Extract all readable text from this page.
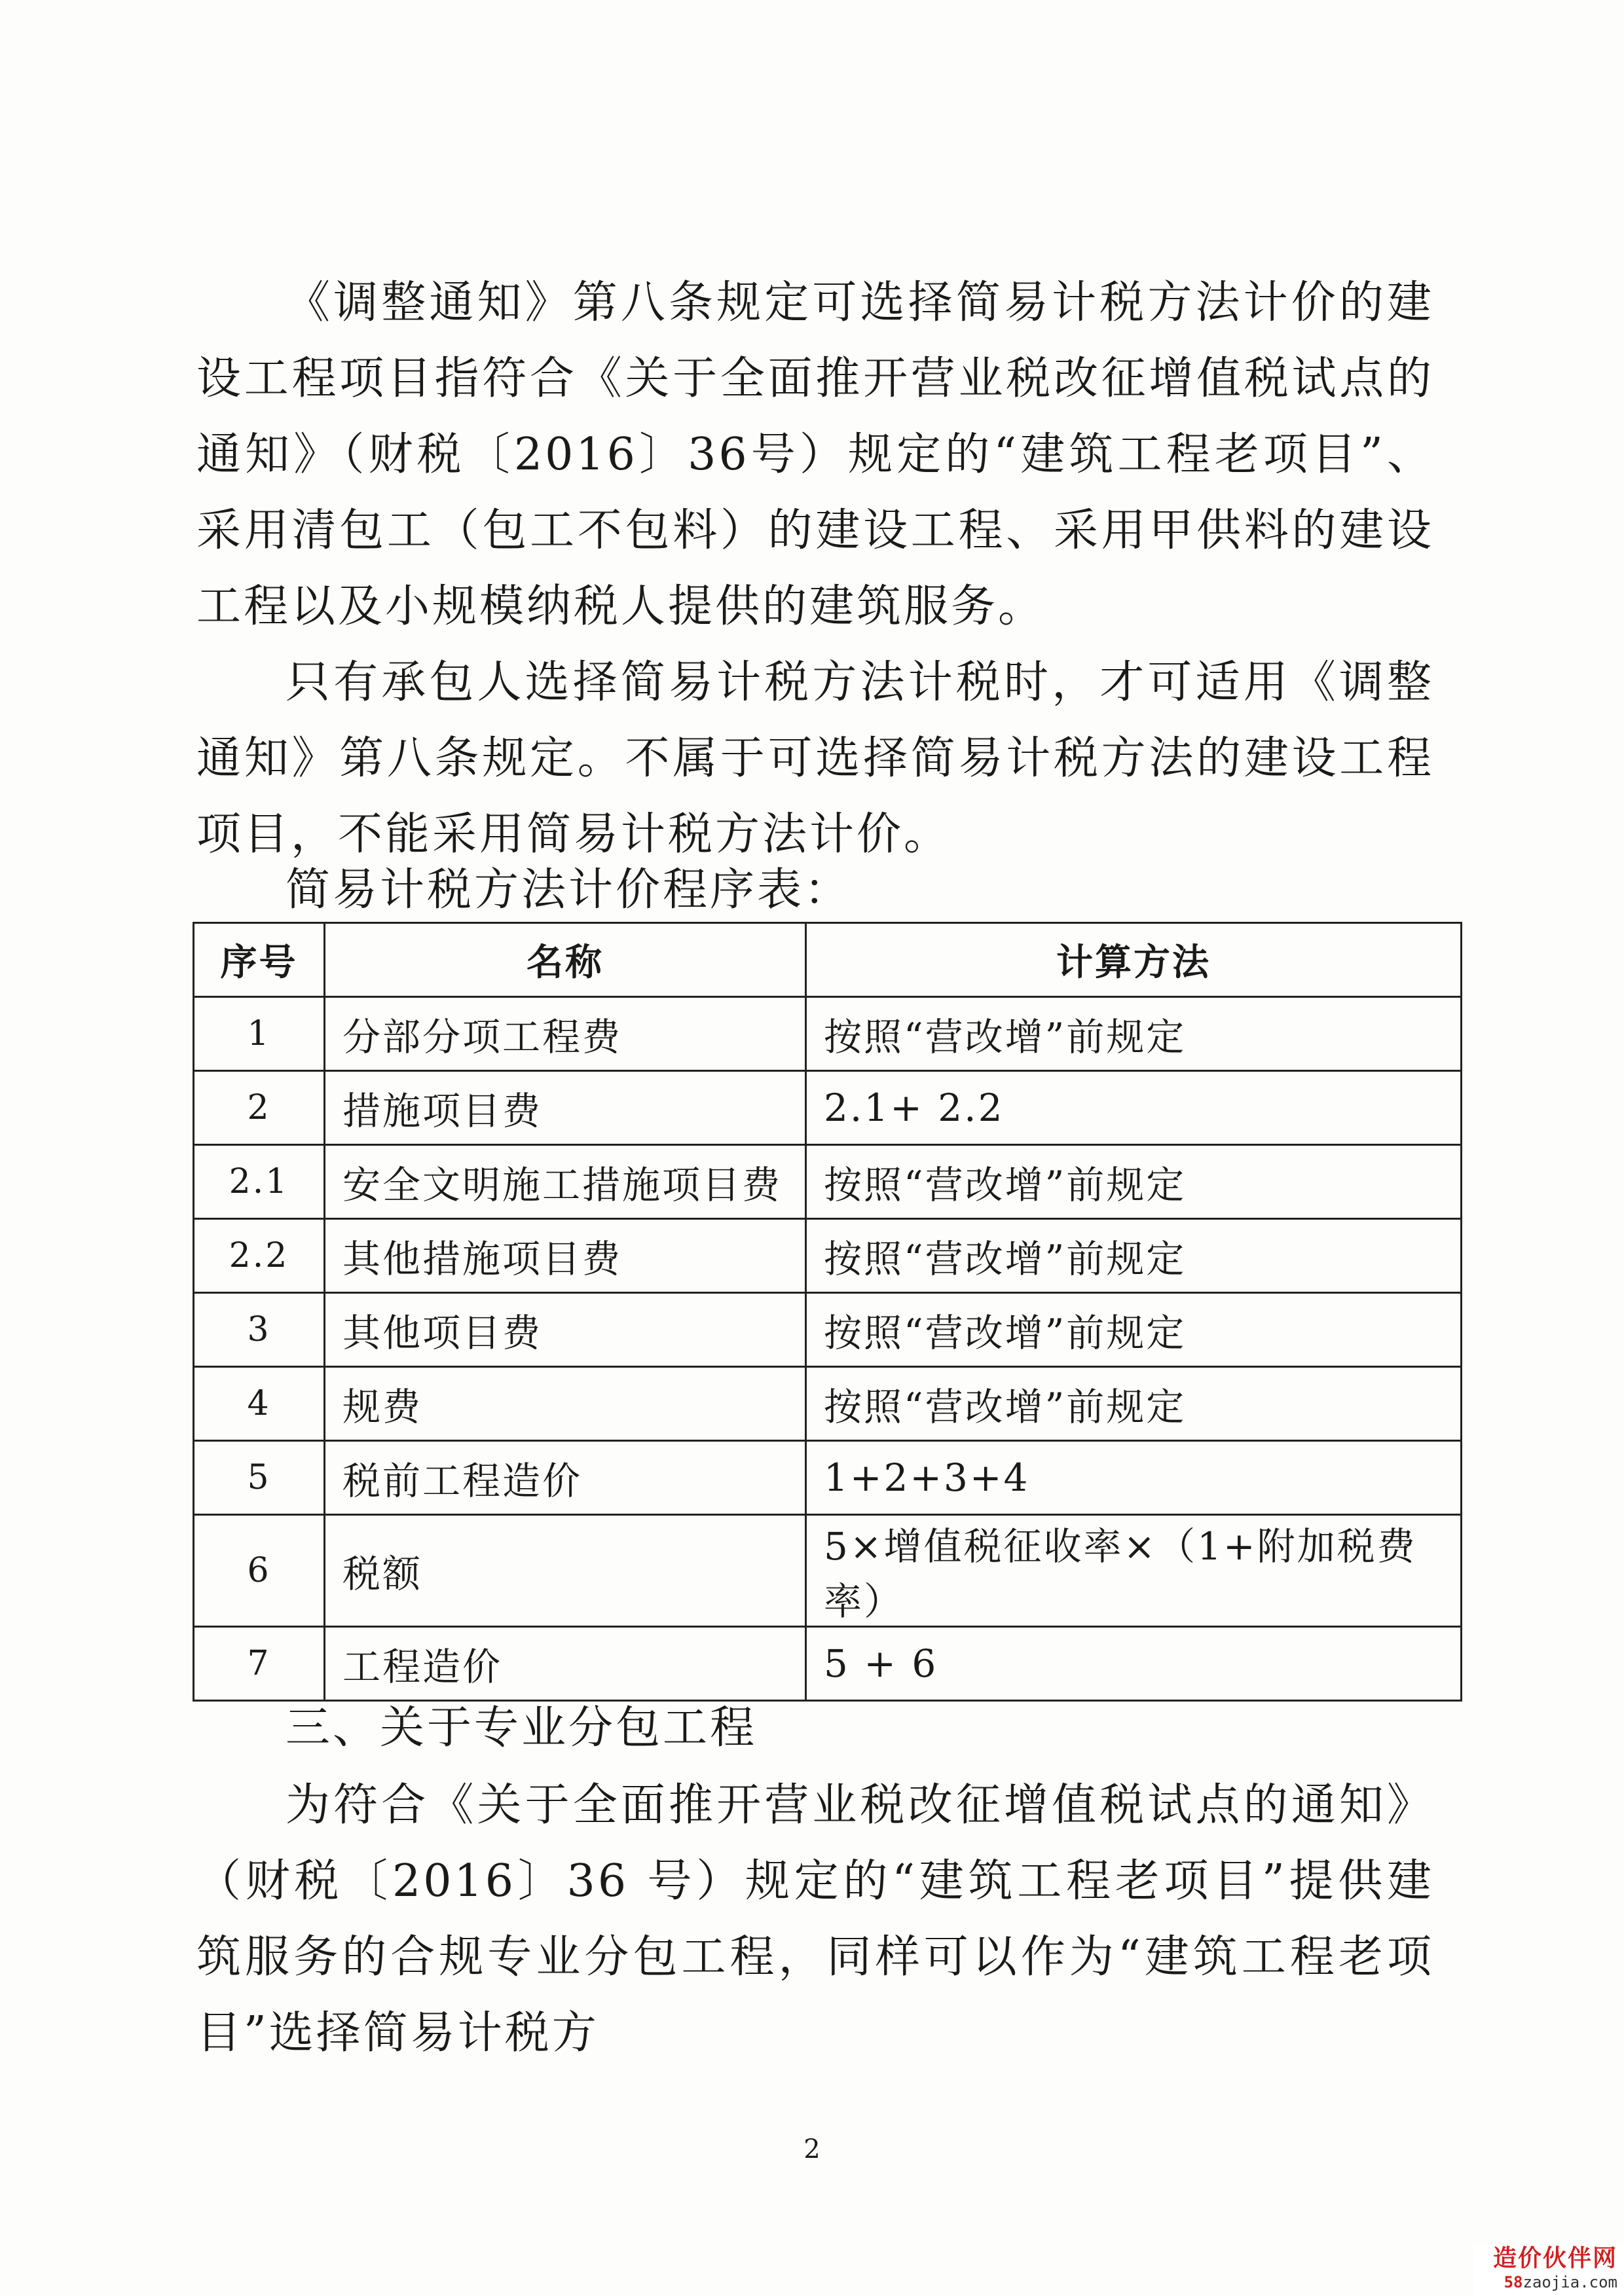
《调整通知》第八条规定可选择简易计税方法计价的建设工程项目指符合《关于全面推开营业税改征增值税试点的通知》（财税〔2016〕36号）规定的“建筑工程老项目”、采用清包工（包工不包料）的建设工程、采用甲供料的建设工程以及小规模纳税人提供的建筑服务。

只有承包人选择简易计税方法计税时，才可适用《调整通知》第八条规定。不属于可选择简易计税方法的建设工程项目，不能采用简易计税方法计价。

简易计税方法计价程序表：

序号	名称	计算方法
1	分部分项工程费	按照“营改增”前规定
2	措施项目费	2.1+ 2.2
2.1	安全文明施工措施项目费	按照“营改增”前规定
2.2	其他措施项目费	按照“营改增”前规定
3	其他项目费	按照“营改增”前规定
4	规费	按照“营改增”前规定
5	税前工程造价	1+2+3+4
6	税额	5×增值税征收率×（1+附加税费率）
7	工程造价	5 + 6

三、关于专业分包工程

为符合《关于全面推开营业税改征增值税试点的通知》（财税〔2016〕36 号）规定的“建筑工程老项目”提供建筑服务的合规专业分包工程，同样可以作为“建筑工程老项目”选择简易计税方

2

造价伙伴网
58zaojia.com
